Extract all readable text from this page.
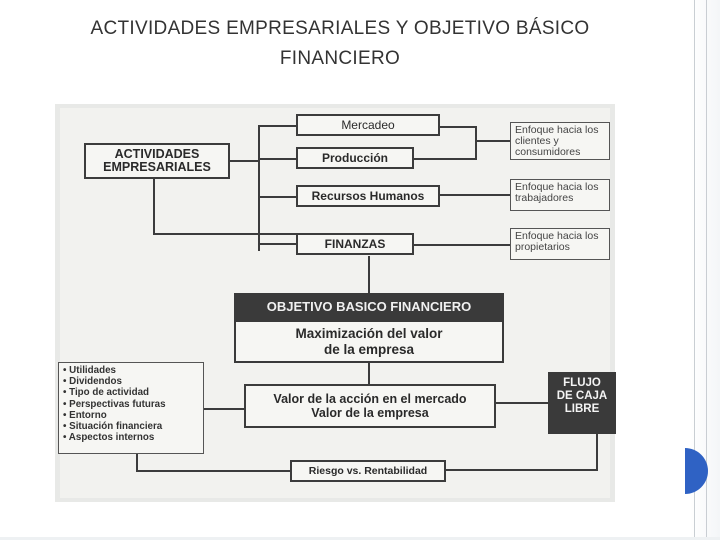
ACTIVIDADES EMPRESARIALES Y OBJETIVO BÁSICO
FINANCIERO
ACTIVIDADES EMPRESARIALES
Mercadeo
Producción
Recursos Humanos
FINANZAS
Enfoque hacia los clientes y consumidores
Enfoque hacia los trabajadores
Enfoque hacia los propietarios
OBJETIVO BASICO FINANCIERO
Maximización del valor
de la empresa
• Utilidades
• Dividendos
• Tipo de actividad
• Perspectivas futuras
• Entorno
• Situación financiera
• Aspectos internos
Valor de la acción en el mercado
Valor de la empresa
FLUJO
DE CAJA
LIBRE
Riesgo vs. Rentabilidad
